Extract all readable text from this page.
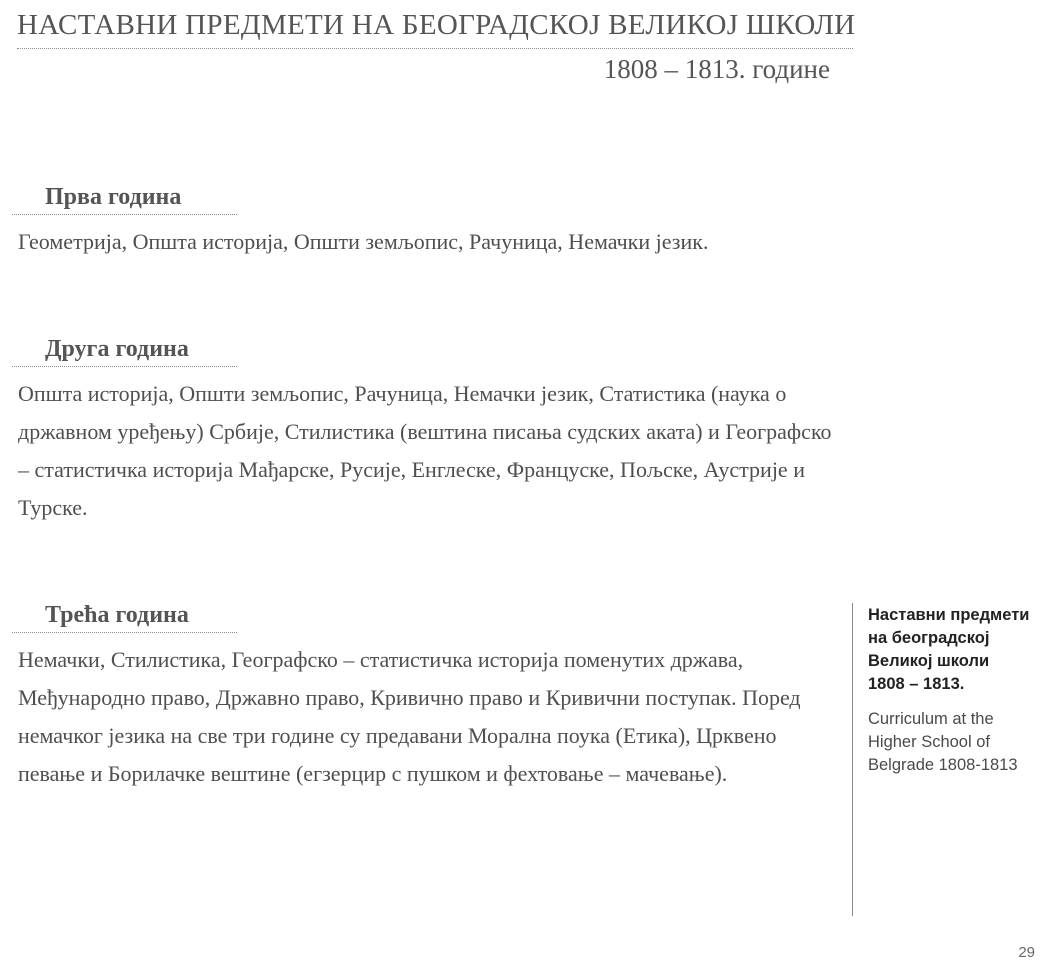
НАСТАВНИ ПРЕДМЕТИ НА БЕОГРАДСКОЈ ВЕЛИКОЈ ШКОЛИ
1808 – 1813. године
Прва година

Геометрија, Општа историја, Општи земљопис, Рачуница, Немачки језик.

Друга година

Општа историја, Општи земљопис, Рачуница, Немачки језик, Статистика (наука о државном уређењу) Србије, Стилистика (вештина писања судских аката) и Географско – статистичка историја Мађарске, Русије, Енглеске, Француске, Пољске, Аустрије и Турске.

Трећа година

Немачки, Стилистика, Географско – статистичка историја поменутих држава, Међународно право, Државно право, Кривично право и Кривични поступак. Поред немачког језика на све три године су предавани Морална поука (Етика), Црквено певање и Борилачке вештине (егзерцир с пушком и фехтовање – мачевање).

Наставни предмети
на београдској
Великој школи
1808 – 1813.
Curriculum at the
Higher School of
Belgrade 1808-1813
29
